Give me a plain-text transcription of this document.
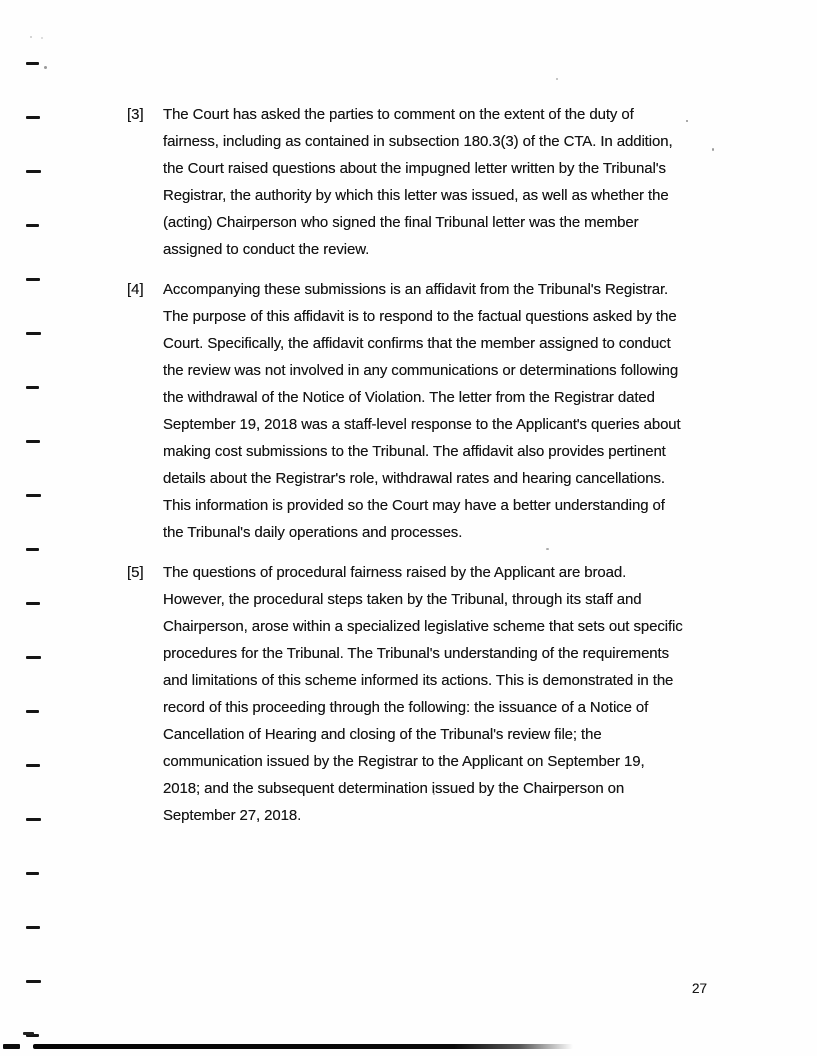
[3]	The Court has asked the parties to comment on the extent of the duty of
fairness, including as contained in subsection 180.3(3) of the CTA. In addition,
the Court raised questions about the impugned letter written by the Tribunal's
Registrar, the authority by which this letter was issued, as well as whether the
(acting) Chairperson who signed the final Tribunal letter was the member
assigned to conduct the review.
[4]	Accompanying these submissions is an affidavit from the Tribunal's Registrar.
The purpose of this affidavit is to respond to the factual questions asked by the
Court. Specifically, the affidavit confirms that the member assigned to conduct
the review was not involved in any communications or determinations following
the withdrawal of the Notice of Violation. The letter from the Registrar dated
September 19, 2018 was a staff-level response to the Applicant's queries about
making cost submissions to the Tribunal. The affidavit also provides pertinent
details about the Registrar's role, withdrawal rates and hearing cancellations.
This information is provided so the Court may have a better understanding of
the Tribunal's daily operations and processes.
[5]	The questions of procedural fairness raised by the Applicant are broad.
However, the procedural steps taken by the Tribunal, through its staff and
Chairperson, arose within a specialized legislative scheme that sets out specific
procedures for the Tribunal. The Tribunal's understanding of the requirements
and limitations of this scheme informed its actions. This is demonstrated in the
record of this proceeding through the following: the issuance of a Notice of
Cancellation of Hearing and closing of the Tribunal's review file; the
communication issued by the Registrar to the Applicant on September 19,
2018; and the subsequent determination issued by the Chairperson on
September 27, 2018.
27
